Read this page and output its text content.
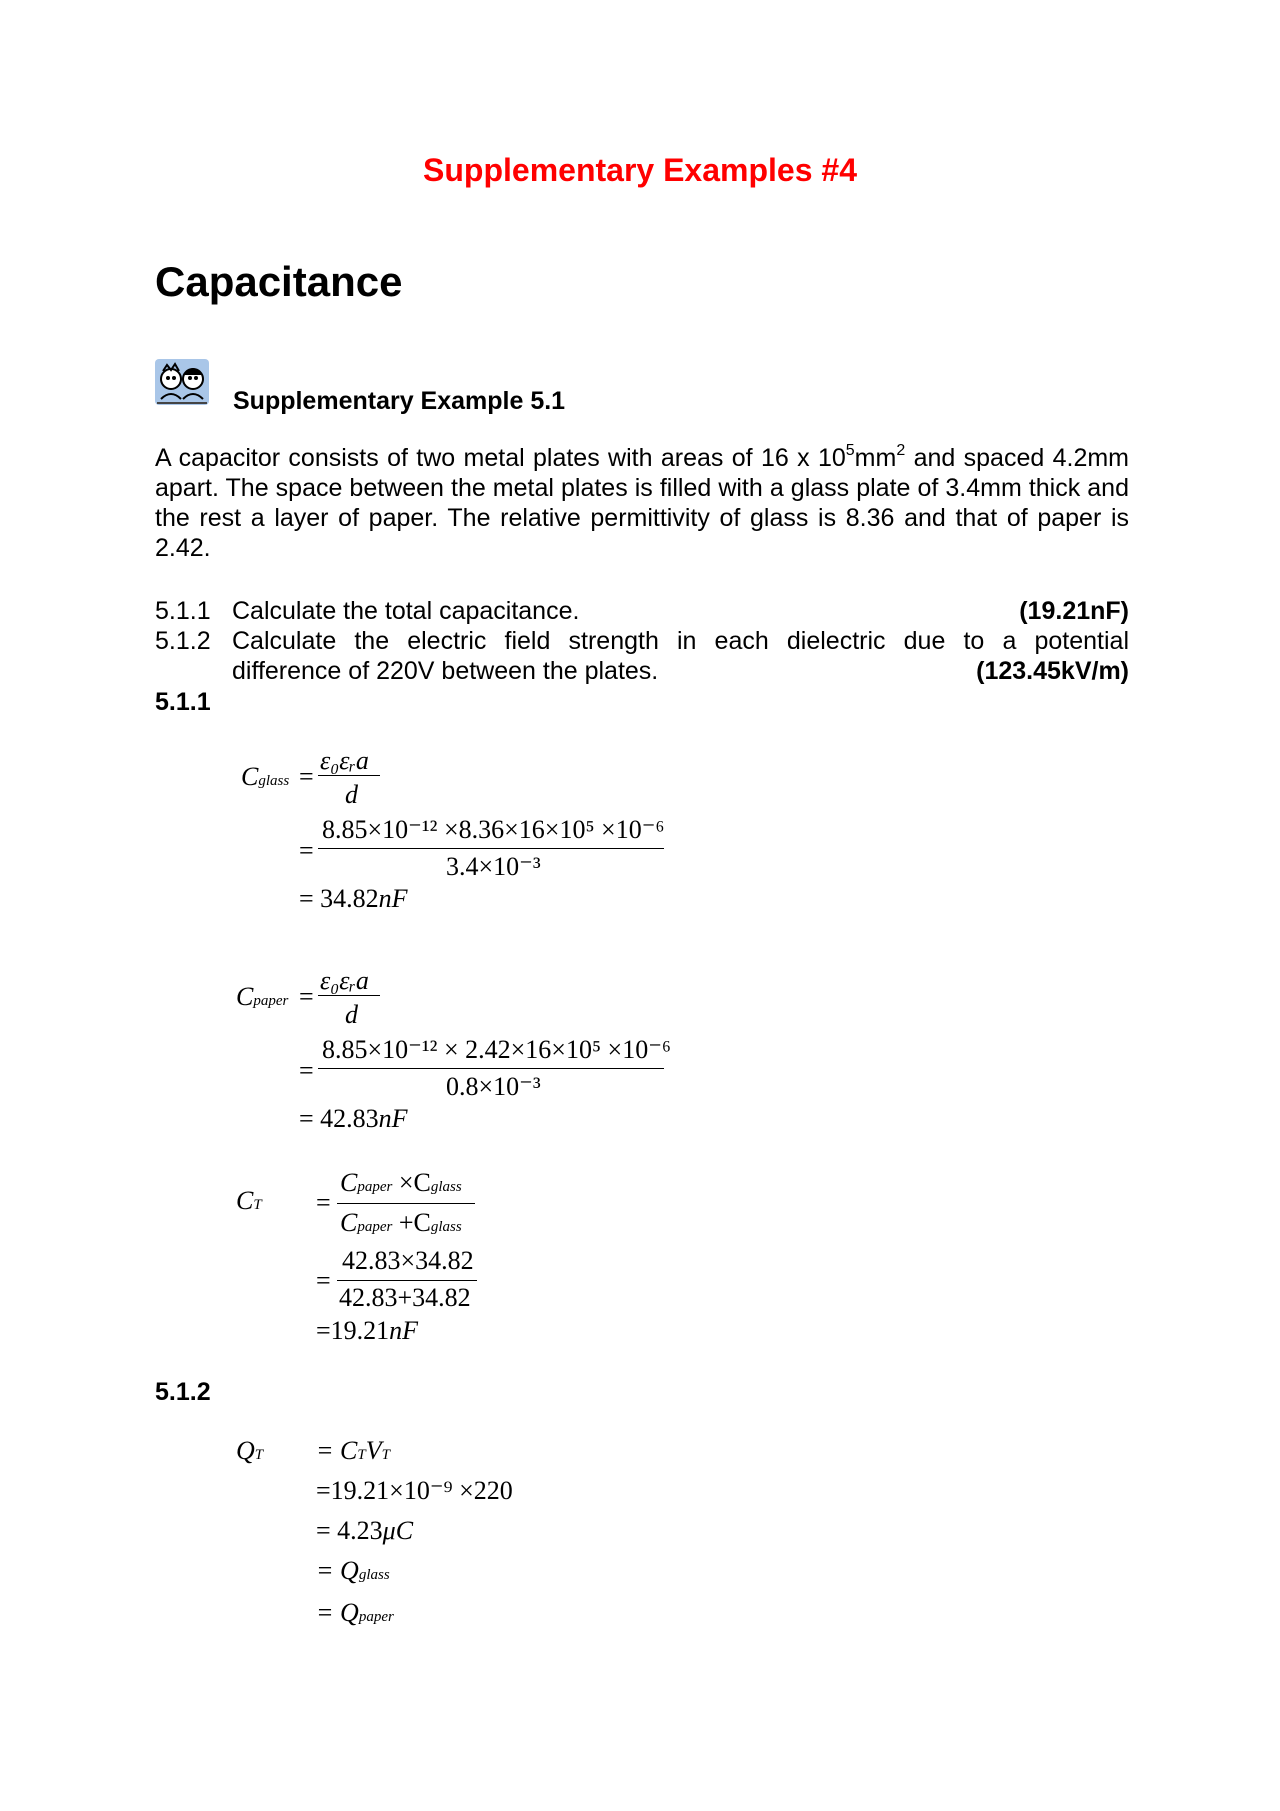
Supplementary Examples #4
Capacitance
Supplementary Example 5.1
A capacitor consists of two metal plates with areas of 16 x $10^5mm^2$ and spaced 4.2mm apart. The space between the metal plates is filled with a glass plate of 3.4mm thick and the rest a layer of paper. The relative permittivity of glass is 8.36 and that of paper is 2.42.
5.1.1 Calculate the total capacitance.	(19.21nF)
5.1.2 Calculate the electric field strength in each dielectric due to a potential
difference of 220V between the plates.	(123.45kV/m)
5.1.1
Cglass =
ε₀εᵣa
d
=
8.85×10⁻¹² ×8.36×16×10⁵ ×10⁻⁶
3.4×10⁻³
= 34.82nF
Cpaper =
ε₀εᵣa
d
=
8.85×10⁻¹² × 2.42×16×10⁵ ×10⁻⁶
0.8×10⁻³
= 42.83nF
CT =
Cpaper ×Cglass
Cpaper +Cglass
=
42.83×34.82
42.83+34.82
=19.21nF
5.1.2
QT = CTVT
=19.21×10⁻⁹ ×220
= 4.23μC
= Qglass
= Qpaper
